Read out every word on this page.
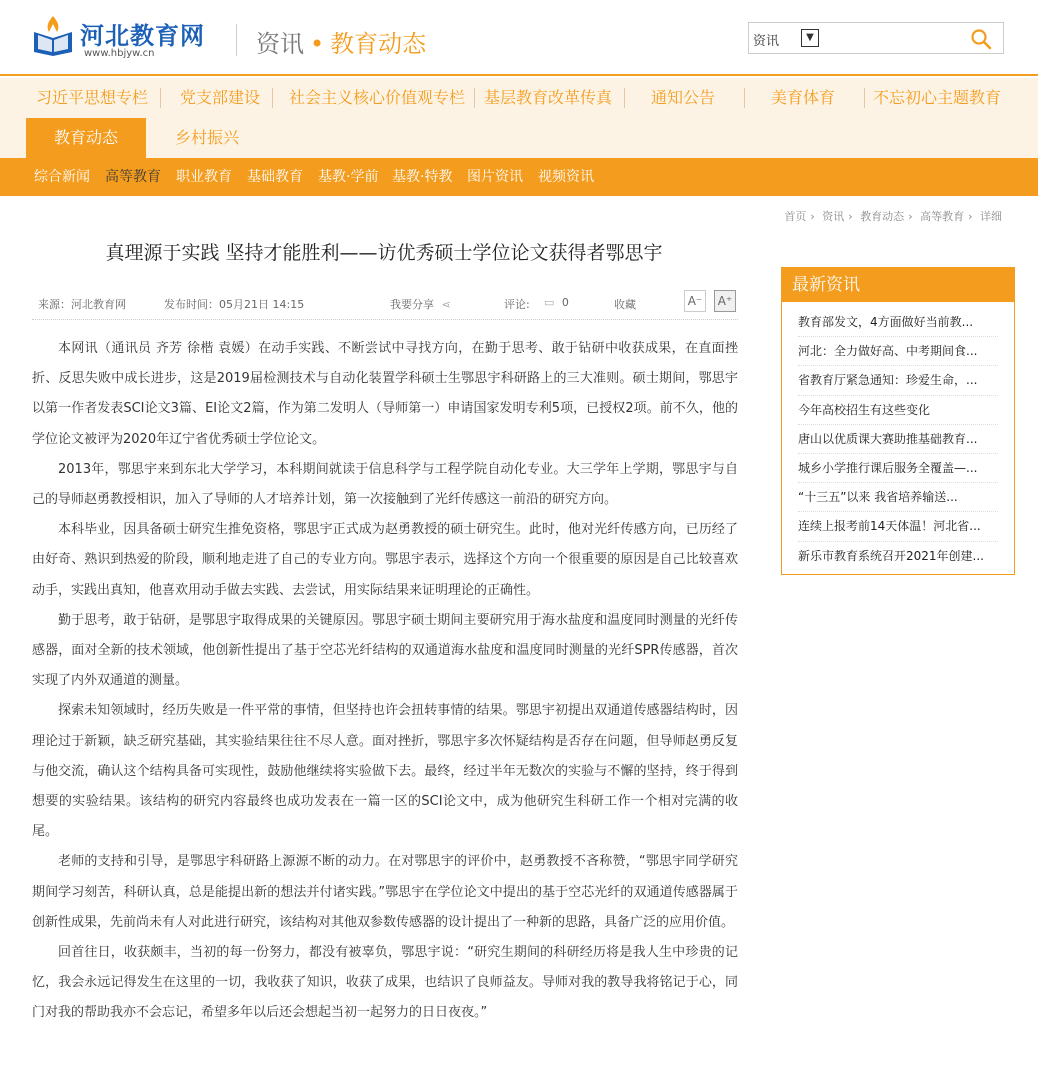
河北教育网
www.hbjyw.cn	资讯 • 教育动态	资讯	▼
习近平思想专栏	党支部建设	社会主义核心价值观专栏	基层教育改革传真	通知公告	美育体育	不忘初心主题教育
教育动态	乡村振兴
综合新闻 高等教育 职业教育 基础教育 基教·学前 基教·特教 图片资讯 视频资讯
首页 › 资讯 › 教育动态 › 高等教育 › 详细
真理源于实践 坚持才能胜利——访优秀硕士学位论文获得者鄂思宇
来源：河北教育网	发布时间：05月21日 14:15	我要分享 ⋖	评论: ▭ 0	收藏	A⁻	A⁺

本网讯（通讯员 齐芳 徐楷 袁媛）在动手实践、不断尝试中寻找方向，在勤于思考、敢于钻研中收获成果，在直面挫折、反思失败中成长进步，这是2019届检测技术与自动化装置学科硕士生鄂思宇科研路上的三大准则。硕士期间，鄂思宇以第一作者发表SCI论文3篇、EI论文2篇，作为第二发明人（导师第一）申请国家发明专利5项，已授权2项。前不久，他的学位论文被评为2020年辽宁省优秀硕士学位论文。

2013年，鄂思宇来到东北大学学习，本科期间就读于信息科学与工程学院自动化专业。大三学年上学期，鄂思宇与自己的导师赵勇教授相识，加入了导师的人才培养计划，第一次接触到了光纤传感这一前沿的研究方向。

本科毕业，因具备硕士研究生推免资格，鄂思宇正式成为赵勇教授的硕士研究生。此时，他对光纤传感方向，已历经了由好奇、熟识到热爱的阶段，顺利地走进了自己的专业方向。鄂思宇表示，选择这个方向一个很重要的原因是自己比较喜欢动手，实践出真知，他喜欢用动手做去实践、去尝试，用实际结果来证明理论的正确性。

勤于思考，敢于钻研，是鄂思宇取得成果的关键原因。鄂思宇硕士期间主要研究用于海水盐度和温度同时测量的光纤传感器，面对全新的技术领域，他创新性提出了基于空芯光纤结构的双通道海水盐度和温度同时测量的光纤SPR传感器，首次实现了内外双通道的测量。

探索未知领域时，经历失败是一件平常的事情，但坚持也许会扭转事情的结果。鄂思宇初提出双通道传感器结构时，因理论过于新颖，缺乏研究基础，其实验结果往往不尽人意。面对挫折，鄂思宇多次怀疑结构是否存在问题，但导师赵勇反复与他交流，确认这个结构具备可实现性，鼓励他继续将实验做下去。最终，经过半年无数次的实验与不懈的坚持，终于得到想要的实验结果。该结构的研究内容最终也成功发表在一篇一区的SCI论文中，成为他研究生科研工作一个相对完满的收尾。

老师的支持和引导，是鄂思宇科研路上源源不断的动力。在对鄂思宇的评价中，赵勇教授不吝称赞，“鄂思宇同学研究期间学习刻苦，科研认真，总是能提出新的想法并付诸实践。”鄂思宇在学位论文中提出的基于空芯光纤的双通道传感器属于创新性成果，先前尚未有人对此进行研究，该结构对其他双参数传感器的设计提出了一种新的思路，具备广泛的应用价值。

回首往日，收获颇丰，当初的每一份努力，都没有被辜负，鄂思宇说：“研究生期间的科研经历将是我人生中珍贵的记忆，我会永远记得发生在这里的一切，我收获了知识，收获了成果，也结识了良师益友。导师对我的教导我将铭记于心，同门对我的帮助我亦不会忘记，希望多年以后还会想起当初一起努力的日日夜夜。”

最新资讯
教育部发文，4方面做好当前教...
河北：全力做好高、中考期间食...
省教育厅紧急通知：珍爱生命，...
今年高校招生有这些变化
唐山以优质课大赛助推基础教育...
城乡小学推行课后服务全覆盖—...
“十三五”以来 我省培养输送...
连续上报考前14天体温！河北省...
新乐市教育系统召开2021年创建...
